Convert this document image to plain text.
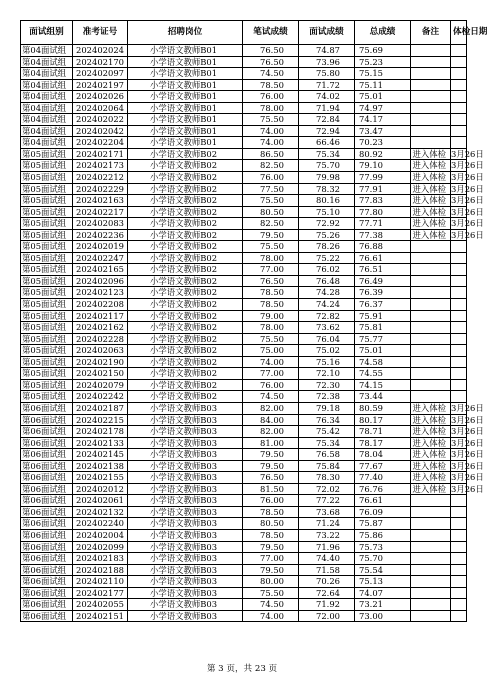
面试组别	准考证号	招聘岗位	笔试成绩	面试成绩	总成绩	备注	体检日期
第04面试组	202402024	小学语文教师B01	76.50	74.87	75.69		
第04面试组	202402170	小学语文教师B01	76.50	73.96	75.23		
第04面试组	202402097	小学语文教师B01	74.50	75.80	75.15		
第04面试组	202402197	小学语文教师B01	78.50	71.72	75.11		
第04面试组	202402026	小学语文教师B01	76.00	74.02	75.01		
第04面试组	202402064	小学语文教师B01	78.00	71.94	74.97		
第04面试组	202402022	小学语文教师B01	75.50	72.84	74.17		
第04面试组	202402042	小学语文教师B01	74.00	72.94	73.47		
第04面试组	202402204	小学语文教师B01	74.00	66.46	70.23		
第05面试组	202402171	小学语文教师B02	86.50	75.34	80.92	进入体检	3月26日
第05面试组	202402173	小学语文教师B02	82.50	75.70	79.10	进入体检	3月26日
第05面试组	202402212	小学语文教师B02	76.00	79.98	77.99	进入体检	3月26日
第05面试组	202402229	小学语文教师B02	77.50	78.32	77.91	进入体检	3月26日
第05面试组	202402163	小学语文教师B02	75.50	80.16	77.83	进入体检	3月26日
第05面试组	202402217	小学语文教师B02	80.50	75.10	77.80	进入体检	3月26日
第05面试组	202402083	小学语文教师B02	82.50	72.92	77.71	进入体检	3月26日
第05面试组	202402236	小学语文教师B02	79.50	75.26	77.38	进入体检	3月26日
第05面试组	202402019	小学语文教师B02	75.50	78.26	76.88		
第05面试组	202402247	小学语文教师B02	78.00	75.22	76.61		
第05面试组	202402165	小学语文教师B02	77.00	76.02	76.51		
第05面试组	202402096	小学语文教师B02	76.50	76.48	76.49		
第05面试组	202402123	小学语文教师B02	78.50	74.28	76.39		
第05面试组	202402208	小学语文教师B02	78.50	74.24	76.37		
第05面试组	202402117	小学语文教师B02	79.00	72.82	75.91		
第05面试组	202402162	小学语文教师B02	78.00	73.62	75.81		
第05面试组	202402228	小学语文教师B02	75.50	76.04	75.77		
第05面试组	202402063	小学语文教师B02	75.00	75.02	75.01		
第05面试组	202402190	小学语文教师B02	74.00	75.16	74.58		
第05面试组	202402150	小学语文教师B02	77.00	72.10	74.55		
第05面试组	202402079	小学语文教师B02	76.00	72.30	74.15		
第05面试组	202402242	小学语文教师B02	74.50	72.38	73.44		
第06面试组	202402187	小学语文教师B03	82.00	79.18	80.59	进入体检	3月26日
第06面试组	202402215	小学语文教师B03	84.00	76.34	80.17	进入体检	3月26日
第06面试组	202402178	小学语文教师B03	82.00	75.42	78.71	进入体检	3月26日
第06面试组	202402133	小学语文教师B03	81.00	75.34	78.17	进入体检	3月26日
第06面试组	202402145	小学语文教师B03	79.50	76.58	78.04	进入体检	3月26日
第06面试组	202402138	小学语文教师B03	79.50	75.84	77.67	进入体检	3月26日
第06面试组	202402155	小学语文教师B03	76.50	78.30	77.40	进入体检	3月26日
第06面试组	202402012	小学语文教师B03	81.50	72.02	76.76	进入体检	3月26日
第06面试组	202402061	小学语文教师B03	76.00	77.22	76.61		
第06面试组	202402132	小学语文教师B03	78.50	73.68	76.09		
第06面试组	202402240	小学语文教师B03	80.50	71.24	75.87		
第06面试组	202402004	小学语文教师B03	78.50	73.22	75.86		
第06面试组	202402099	小学语文教师B03	79.50	71.96	75.73		
第06面试组	202402183	小学语文教师B03	77.00	74.40	75.70		
第06面试组	202402188	小学语文教师B03	79.50	71.58	75.54		
第06面试组	202402110	小学语文教师B03	80.00	70.26	75.13		
第06面试组	202402177	小学语文教师B03	75.50	72.64	74.07		
第06面试组	202402055	小学语文教师B03	74.50	71.92	73.21		
第06面试组	202402151	小学语文教师B03	74.00	72.00	73.00		
第 3 页，共 23 页
